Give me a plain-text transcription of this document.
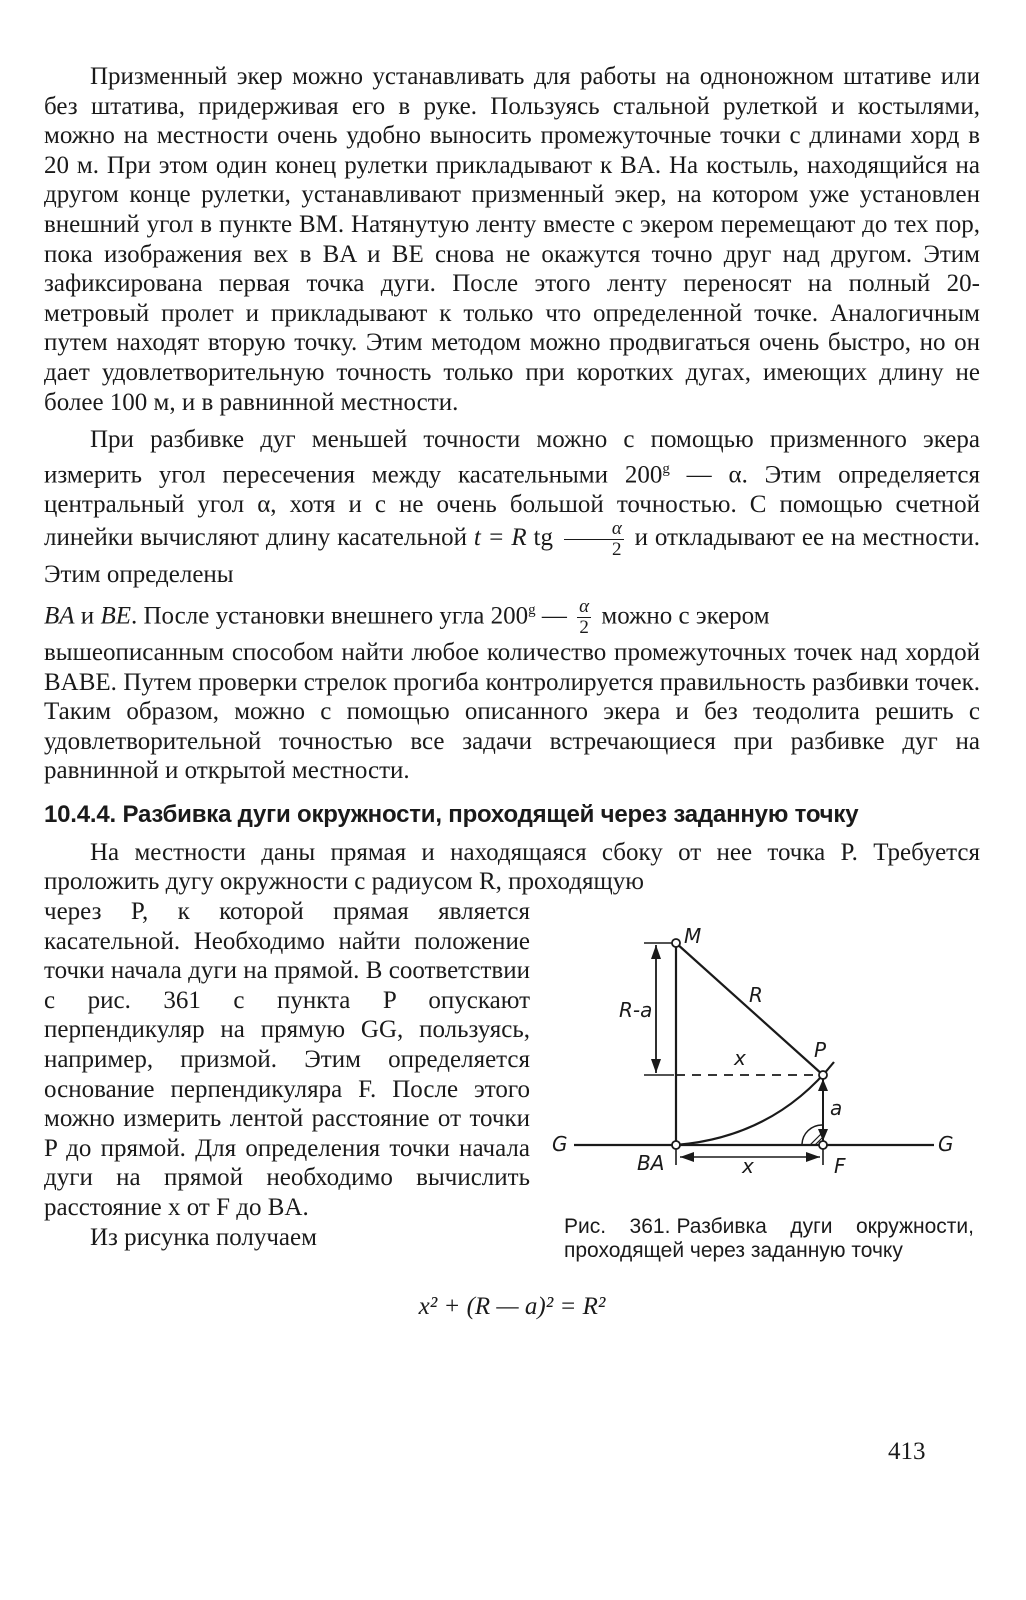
Призменный экер можно устанавливать для работы на одноножном штативе или без штатива, придерживая его в руке. Пользуясь стальной рулеткой и костылями, можно на местности очень удобно выносить промежуточные точки с длинами хорд в 20 м. При этом один конец рулетки прикладывают к BA. На костыль, находящийся на другом конце рулетки, устанавливают призменный экер, на котором уже установлен внешний угол в пункте BM. Натянутую ленту вместе с экером перемещают до тех пор, пока изображения вех в BA и BE снова не окажутся точно друг над другом. Этим зафиксирована первая точка дуги. После этого ленту переносят на полный 20-метровый пролет и прикладывают к только что определенной точке. Аналогичным путем находят вторую точку. Этим методом можно продвигаться очень быстро, но он дает удовлетворительную точность только при коротких дугах, имеющих длину не более 100 м, и в равнинной местности.

При разбивке дуг меньшей точности можно с помощью призменного экера измерить угол пересечения между касательными 200$^g$ — α. Этим определяется центральный угол α, хотя и с не очень большой точностью. С помощью счетной линейки вычисляют длину касательной t = R tg $\frac{\alpha}{2}$ и откладывают ее на местности. Этим определены

BA и BE. После установки внешнего угла 200$^g$ — $\frac{\alpha}{2}$ можно с экером

вышеописанным способом найти любое количество промежуточных точек над хордой BABE. Путем проверки стрелок прогиба контролируется правильность разбивки точек. Таким образом, можно с помощью описанного экера и без теодолита решить с удовлетворительной точностью все задачи встречающиеся при разбивке дуг на равнинной и открытой местности.

10.4.4. Разбивка дуги окружности, проходящей через заданную точку

На местности даны прямая и находящаяся сбоку от нее точка P. Требуется проложить дугу окружности с радиусом R, проходящую

через P, к которой прямая является касательной. Необходимо найти положение точки начала дуги на прямой. В соответствии с рис. 361 с пункта P опускают перпендикуляр на прямую GG, пользуясь, например, призмой. Этим определяется основание перпендикуляра F. После этого можно измерить лентой расстояние от точки P до прямой. Для определения точки начала дуги на прямой необходимо вычислить расстояние x от F до BA.

Из рисунка получаем

M
R
R-a
x	P
a
G	G
BA	x	F
Рис. 361. Разбивка дуги окружности, проходящей через заданную точку
x² + (R — a)² = R²
413
